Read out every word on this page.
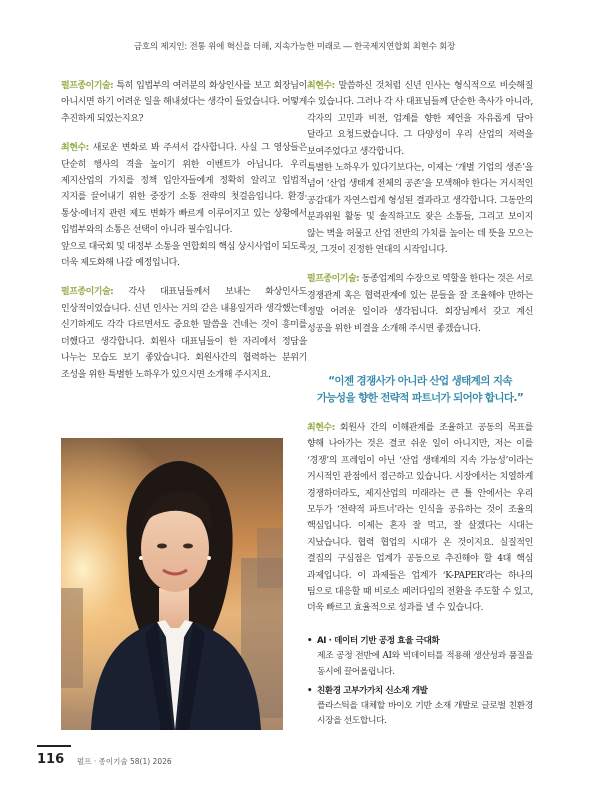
금호의 제지인: 전통 위에 혁신을 더해, 지속가능한 미래로 ― 한국제지연합회 최현수 회장

펄프종이기술: 특히 입법부의 여러분의 화상인사를 보고 회장님이 아니시면 하기 어려운 일을 해내셨다는 생각이 들었습니다. 어떻게 추진하게 되었는지요?

최현수: 새로운 변화로 봐 주셔서 감사합니다. 사실 그 영상들은 단순히 행사의 격을 높이기 위한 이벤트가 아닙니다. 우리 제지산업의 가치를 정책 입안자들에게 정확히 알리고 입법적 지지를 끌어내기 위한 중장기 소통 전략의 첫걸음입니다. 환경·통상·에너지 관련 제도 변화가 빠르게 이루어지고 있는 상황에서 입법부와의 소통은 선택이 아니라 필수입니다.

앞으로 대국회 및 대정부 소통을 연합회의 핵심 상시사업이 되도록 더욱 제도화해 나갈 예정입니다.

펄프종이기술: 각사 대표님들께서 보내는 화상인사도 인상적이었습니다. 신년 인사는 거의 같은 내용일거라 생각했는데 신기하게도 각각 다르면서도 중요한 말씀을 건네는 것이 흥미를 더했다고 생각합니다. 회원사 대표님들이 한 자리에서 정담을 나누는 모습도 보기 좋았습니다. 회원사간의 협력하는 분위기 조성을 위한 특별한 노하우가 있으시면 소개해 주시지요.

최현수: 말씀하신 것처럼 신년 인사는 형식적으로 비슷해질 수 있습니다. 그러나 각 사 대표님들께 단순한 축사가 아니라, 각자의 고민과 비전, 업계를 향한 제언을 자유롭게 담아 달라고 요청드렸습니다. 그 다양성이 우리 산업의 저력을 보여주었다고 생각합니다.

특별한 노하우가 있다기보다는, 이제는 ‘개별 기업의 생존’을 넘어 ‘산업 생태계 전체의 공존’을 모색해야 한다는 거시적인 공감대가 자연스럽게 형성된 결과라고 생각합니다. 그동안의 분과위원 활동 및 솔직하고도 잦은 소통들, 그리고 보이지 않는 벽을 허물고 산업 전반의 가치를 높이는 데 뜻을 모으는 것, 그것이 진정한 연대의 시작입니다.

펄프종이기술: 동종업계의 수장으로 역할을 한다는 것은 서로 경쟁관계 혹은 협력관계에 있는 분들을 잘 조율해야 만하는 정말 어려운 일이라 생각됩니다. 회장님께서 갖고 계신 성공을 위한 비결을 소개해 주시면 좋겠습니다.

“이젠 경쟁사가 아니라 산업 생태계의 지속
가능성을 향한 전략적 파트너가 되어야 합니다.”

최현수: 회원사 간의 이해관계를 조율하고 공동의 목표를 향해 나아가는 것은 결코 쉬운 일이 아니지만, 저는 이를 ‘경쟁’의 프레임이 아닌 ‘산업 생태계의 지속 가능성’이라는 거시적인 관점에서 접근하고 있습니다. 시장에서는 치열하게 경쟁하더라도, 제지산업의 미래라는 큰 틀 안에서는 우리 모두가 ‘전략적 파트너’라는 인식을 공유하는 것이 조율의 핵심입니다. 이제는 혼자 잘 먹고, 잘 살겠다는 시대는 지났습니다. 협력 협업의 시대가 온 것이지요. 실질적인 결집의 구심점은 업계가 공동으로 추진해야 할 4대 핵심 과제입니다. 이 과제들은 업계가 ‘K-PAPER’라는 하나의 팀으로 대응할 때 비로소 패러다임의 전환을 주도할 수 있고, 더욱 빠르고 효율적으로 성과를 낼 수 있습니다.

• AI · 데이터 기반 공정 효율 극대화
제조 공정 전반에 AI와 빅데이터를 적용해 생산성과 품질을 동시에 끌어올립니다.
• 친환경 고부가가치 신소재 개발
플라스틱을 대체할 바이오 기반 소재 개발로 글로벌 친환경 시장을 선도합니다.
116 펄프 · 종이기술 58(1) 2026
